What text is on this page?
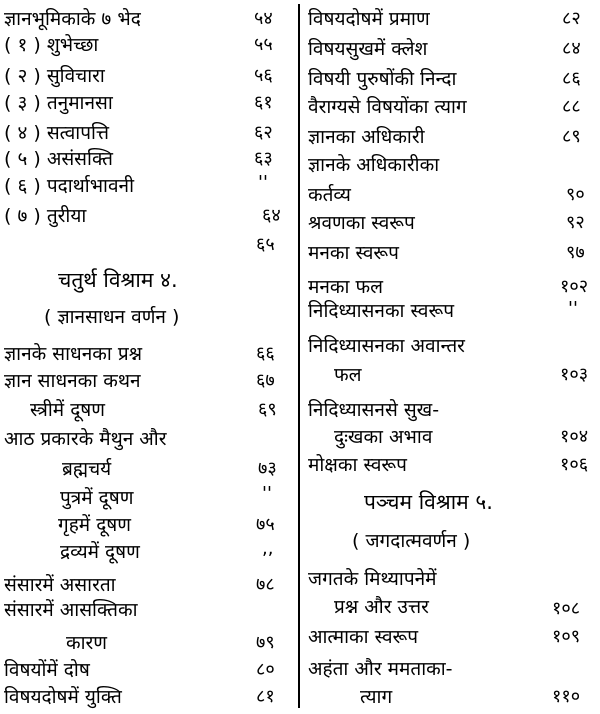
ज्ञानभूमिकाके ७ भेद	५४
( १ ) शुभेच्छा	५५
( २ ) सुविचारा	५६
( ३ ) तनुमानसा	६१
( ४ ) सत्वापत्ति	६२
( ५ ) असंसक्ति	६३
( ६ ) पदार्थाभावनी	''
( ७ ) तुरीया	६४
६५
चतुर्थ विश्राम ४.
( ज्ञानसाधन वर्णन )
ज्ञानके साधनका प्रश्न	६६
ज्ञान साधनका कथन	६७
स्त्रीमें दूषण	६९
आठ प्रकारके मैथुन और
ब्रह्मचर्य	७३
पुत्रमें दूषण	''
गृहमें दूषण	७५
द्रव्यमें दूषण	,,
संसारमें असारता	७८
संसारमें आसक्तिका
कारण	७९
विषयोंमें दोष	८०
विषयदोषमें युक्ति	८१
विषयदोषमें प्रमाण	८२
विषयसुखमें क्लेश	८४
विषयी पुरुषोंकी निन्दा	८६
वैराग्यसे विषयोंका त्याग	८८
ज्ञानका अधिकारी	८९
ज्ञानके अधिकारीका
कर्तव्य	९०
श्रवणका स्वरूप	९२
मनका स्वरूप	९७
मनका फल	१०२
निदिध्यासनका स्वरूप	''
निदिध्यासनका अवान्तर
फल	१०३
निदिध्यासनसे सुख-
दुःखका अभाव	१०४
मोक्षका स्वरूप	१०६
पञ्चम विश्राम ५.
( जगदात्मवर्णन )
जगतके मिथ्यापनेमें
प्रश्न और उत्तर	१०८
आत्माका स्वरूप	१०९
अहंता और ममताका-
त्याग	११०
